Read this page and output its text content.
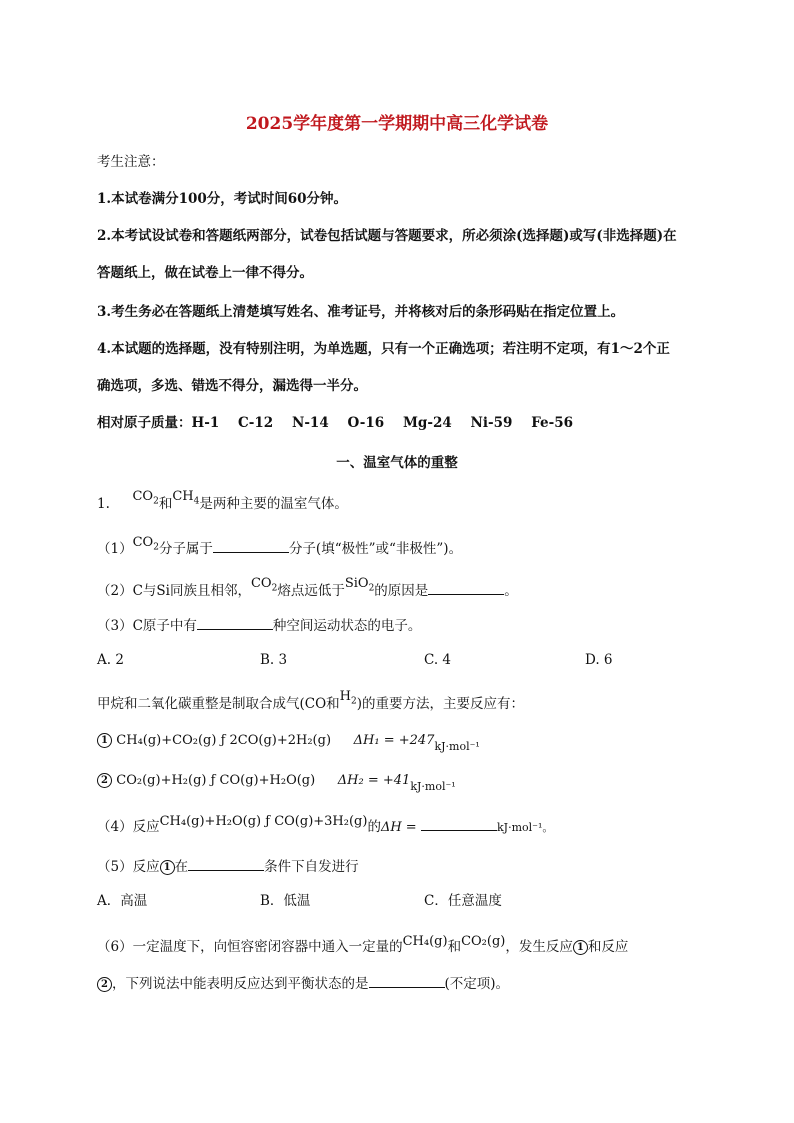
2025学年度第一学期期中高三化学试卷
考生注意：
1.本试卷满分100分，考试时间60分钟。
2.本考试设试卷和答题纸两部分，试卷包括试题与答题要求，所必须涂(选择题)或写(非选择题)在
答题纸上，做在试卷上一律不得分。
3.考生务必在答题纸上清楚填写姓名、准考证号，并将核对后的条形码贴在指定位置上。
4.本试题的选择题，没有特别注明，为单选题，只有一个正确选项；若注明不定项，有1～2个正
确选项，多选、错选不得分，漏选得一半分。
相对原子质量：H-1    C-12    N-14    O-16    Mg-24    Ni-59    Fe-56
一、温室气体的重整
1. $CO_2$和$CH_4$是两种主要的温室气体。
$(1)CO_2$分子属于	分子(填“极性”或“非极性”)。
（2）C与Si同族且相邻，$CO_2$熔点远低于SiO$_2$的原因是	。
（3）C原子中有	种空间运动状态的电子。
A. 2	B. 3	C. 4	D. 6
甲烷和二氧化碳重整是制取合成气(CO和$H_2$)的重要方法，主要反应有：
1 CH₄(g)+CO₂(g) ƒ 2CO(g)+2H₂(g) $\Delta H_1 = +247_{kJ\cdot mol^{-1}}$
2 CO₂(g)+H₂(g) ƒ CO(g)+H₂O(g) $\Delta H_2 = +41_{kJ\cdot mol^{-1}}$
（4）反应CH₄(g)+H₂O(g) ƒ CO(g)+3H₂(g)的ΔH =	kJ·mol⁻¹。
（5）反应 1 在	条件下自发进行
A．高温	B．低温	C．任意温度
（6）一定温度下，向恒容密闭容器中通入一定量的CH₄(g)和CO₂(g)，发生反应 1 和反应
2 ，下列说法中能表明反应达到平衡状态的是	(不定项)。
